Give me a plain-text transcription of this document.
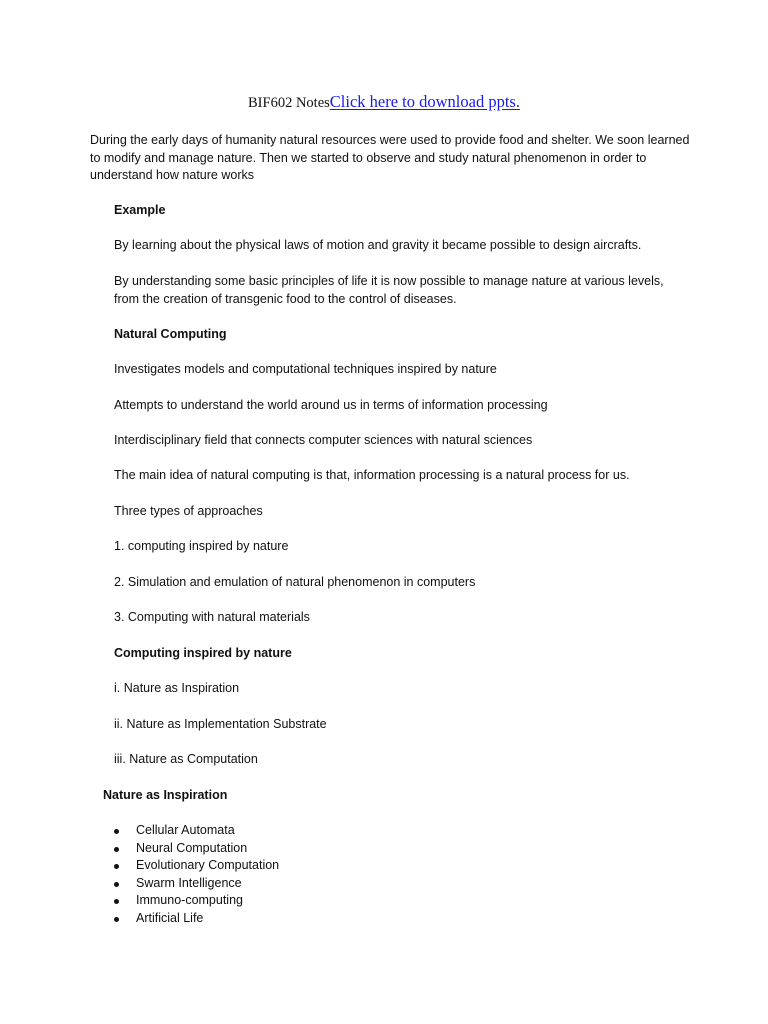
BIF602 NotesClick here to download ppts.
During the early days of humanity natural resources were used to provide food and shelter. We soon learned to modify and manage nature. Then we started to observe and study natural phenomenon in order to understand how nature works
Example
By learning about the physical laws of motion and gravity it became possible to design aircrafts.
By understanding some basic principles of life it is now possible to manage nature at various levels, from the creation of transgenic food to the control of diseases.
Natural Computing
Investigates models and computational techniques inspired by nature
Attempts to understand the world around us in terms of information processing
Interdisciplinary field that connects computer sciences with natural sciences
The main idea of natural computing is that, information processing is a natural process for us.
Three types of approaches
1. computing inspired by nature
2. Simulation and emulation of natural phenomenon in computers
3. Computing with natural materials
Computing inspired by nature
i. Nature as Inspiration
ii. Nature as Implementation Substrate
iii. Nature as Computation
Nature as Inspiration
Cellular Automata
Neural Computation
Evolutionary Computation
Swarm Intelligence
Immuno-computing
Artificial Life
